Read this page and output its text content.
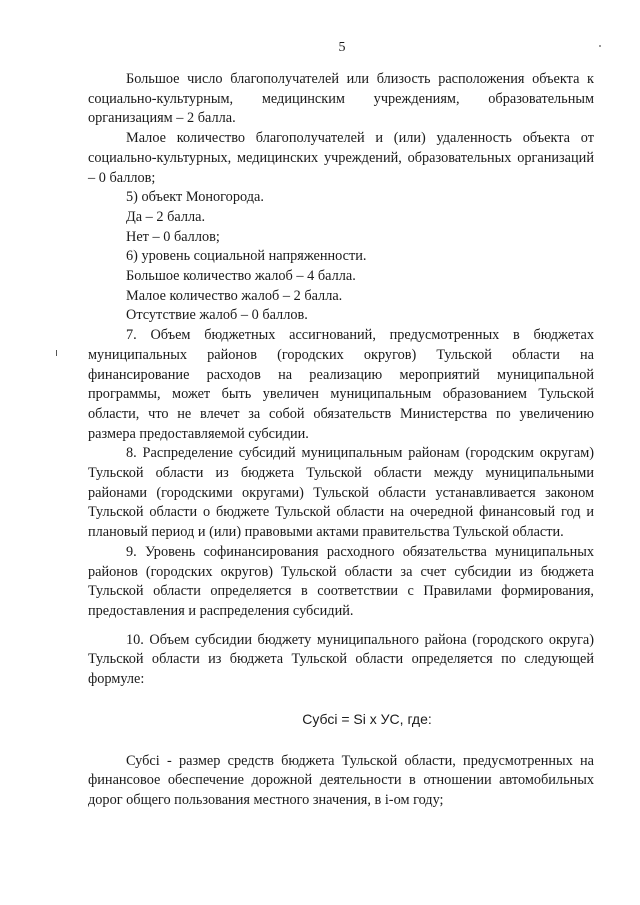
5

Большое число благополучателей или близость расположения объекта к социально-культурным, медицинским учреждениям, образовательным организациям – 2 балла.

Малое количество благополучателей и (или) удаленность объекта от социально-культурных, медицинских учреждений, образовательных организаций – 0 баллов;

5) объект Моногорода.

Да – 2 балла.

Нет – 0 баллов;

6) уровень социальной напряженности.

Большое количество жалоб – 4 балла.

Малое количество жалоб – 2 балла.

Отсутствие жалоб – 0 баллов.

7. Объем бюджетных ассигнований, предусмотренных в бюджетах муниципальных районов (городских округов) Тульской области на финансирование расходов на реализацию мероприятий муниципальной программы, может быть увеличен муниципальным образованием Тульской области, что не влечет за собой обязательств Министерства по увеличению размера предоставляемой субсидии.

8. Распределение субсидий муниципальным районам (городским округам) Тульской области из бюджета Тульской области между муниципальными районами (городскими округами) Тульской области устанавливается законом Тульской области о бюджете Тульской области на очередной финансовый год и плановый период и (или) правовыми актами правительства Тульской области.

9. Уровень софинансирования расходного обязательства муниципальных районов (городских округов) Тульской области за счет субсидии из бюджета Тульской области определяется в соответствии с Правилами формирования, предоставления и распределения субсидий.

10. Объем субсидии бюджету муниципального района (городского округа) Тульской области из бюджета Тульской области определяется по следующей формуле:

Субсi = Si x УС, где:

Субсi - размер средств бюджета Тульской области, предусмотренных на финансовое обеспечение дорожной деятельности в отношении автомобильных дорог общего пользования местного значения, в i-ом году;
